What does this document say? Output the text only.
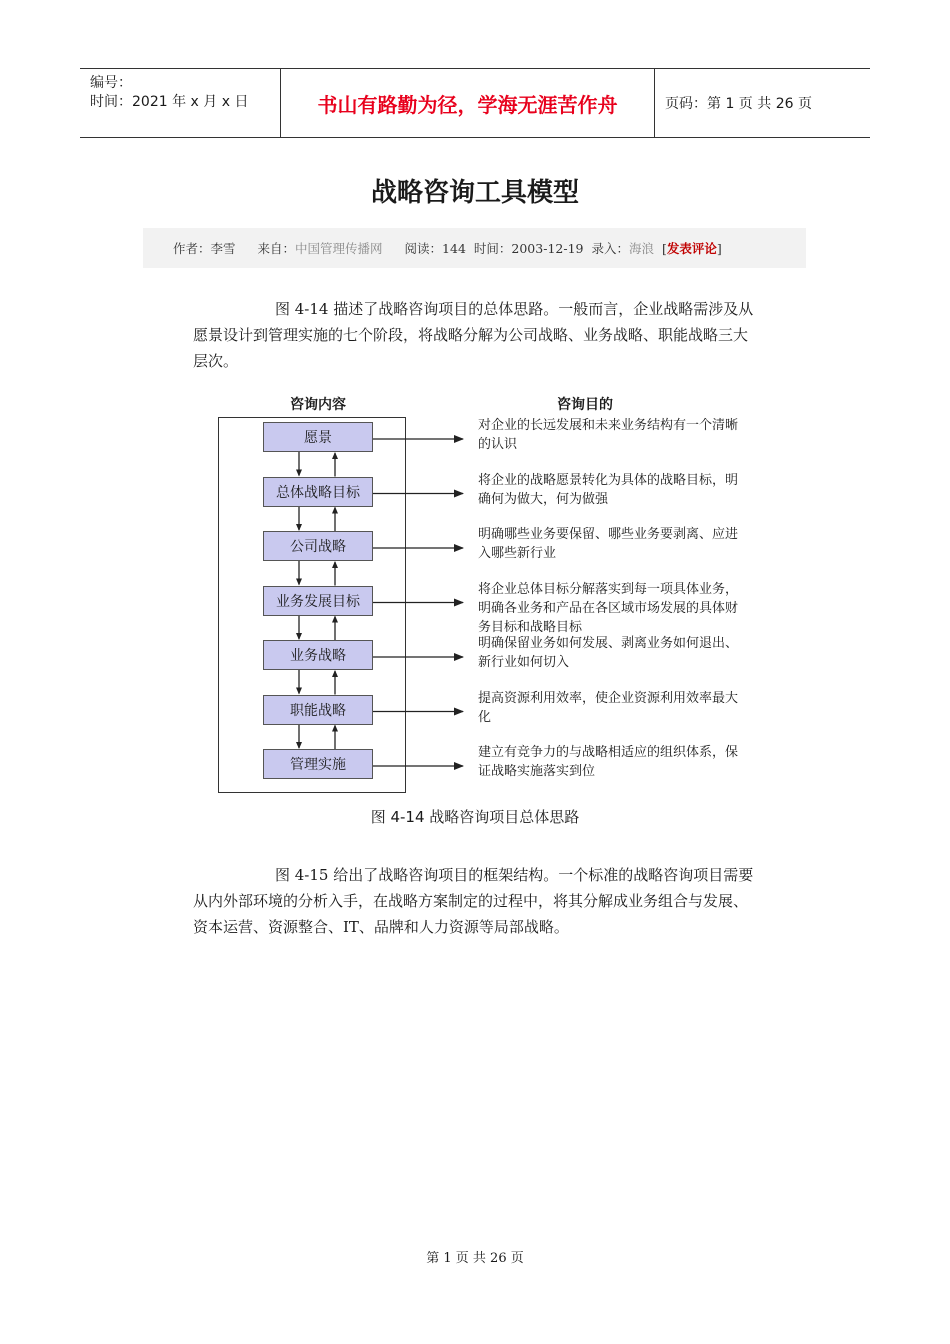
编号：
时间：2021 年 x 月 x 日	书山有路勤为径，学海无涯苦作舟	页码：第 1 页 共 26 页
战略咨询工具模型
作者：李雪 来自： 中国管理传播网 阅读：144 时间：2003-12-19 录入： 海浪 [ 发表评论 ]
图 4-14 描述了战略咨询项目的总体思路。一般而言，企业战略需涉及从愿景设计到管理实施的七个阶段，将战略分解为公司战略、业务战略、职能战略三大层次。
咨询内容	咨询目的
愿景
对企业的长远发展和未来业务结构有一个清晰的认识
总体战略目标
将企业的战略愿景转化为具体的战略目标，明确何为做大，何为做强
公司战略
明确哪些业务要保留、哪些业务要剥离、应进入哪些新行业
业务发展目标
将企业总体目标分解落实到每一项具体业务，明确各业务和产品在各区域市场发展的具体财务目标和战略目标
业务战略
明确保留业务如何发展、剥离业务如何退出、新行业如何切入
职能战略
提高资源利用效率，使企业资源利用效率最大化
管理实施
建立有竞争力的与战略相适应的组织体系，保证战略实施落实到位
图 4-14 战略咨询项目总体思路
图 4-15 给出了战略咨询项目的框架结构。一个标准的战略咨询项目需要从内外部环境的分析入手，在战略方案制定的过程中，将其分解成业务组合与发展、资本运营、资源整合、IT、品牌和人力资源等局部战略。
第 1 页 共 26 页
